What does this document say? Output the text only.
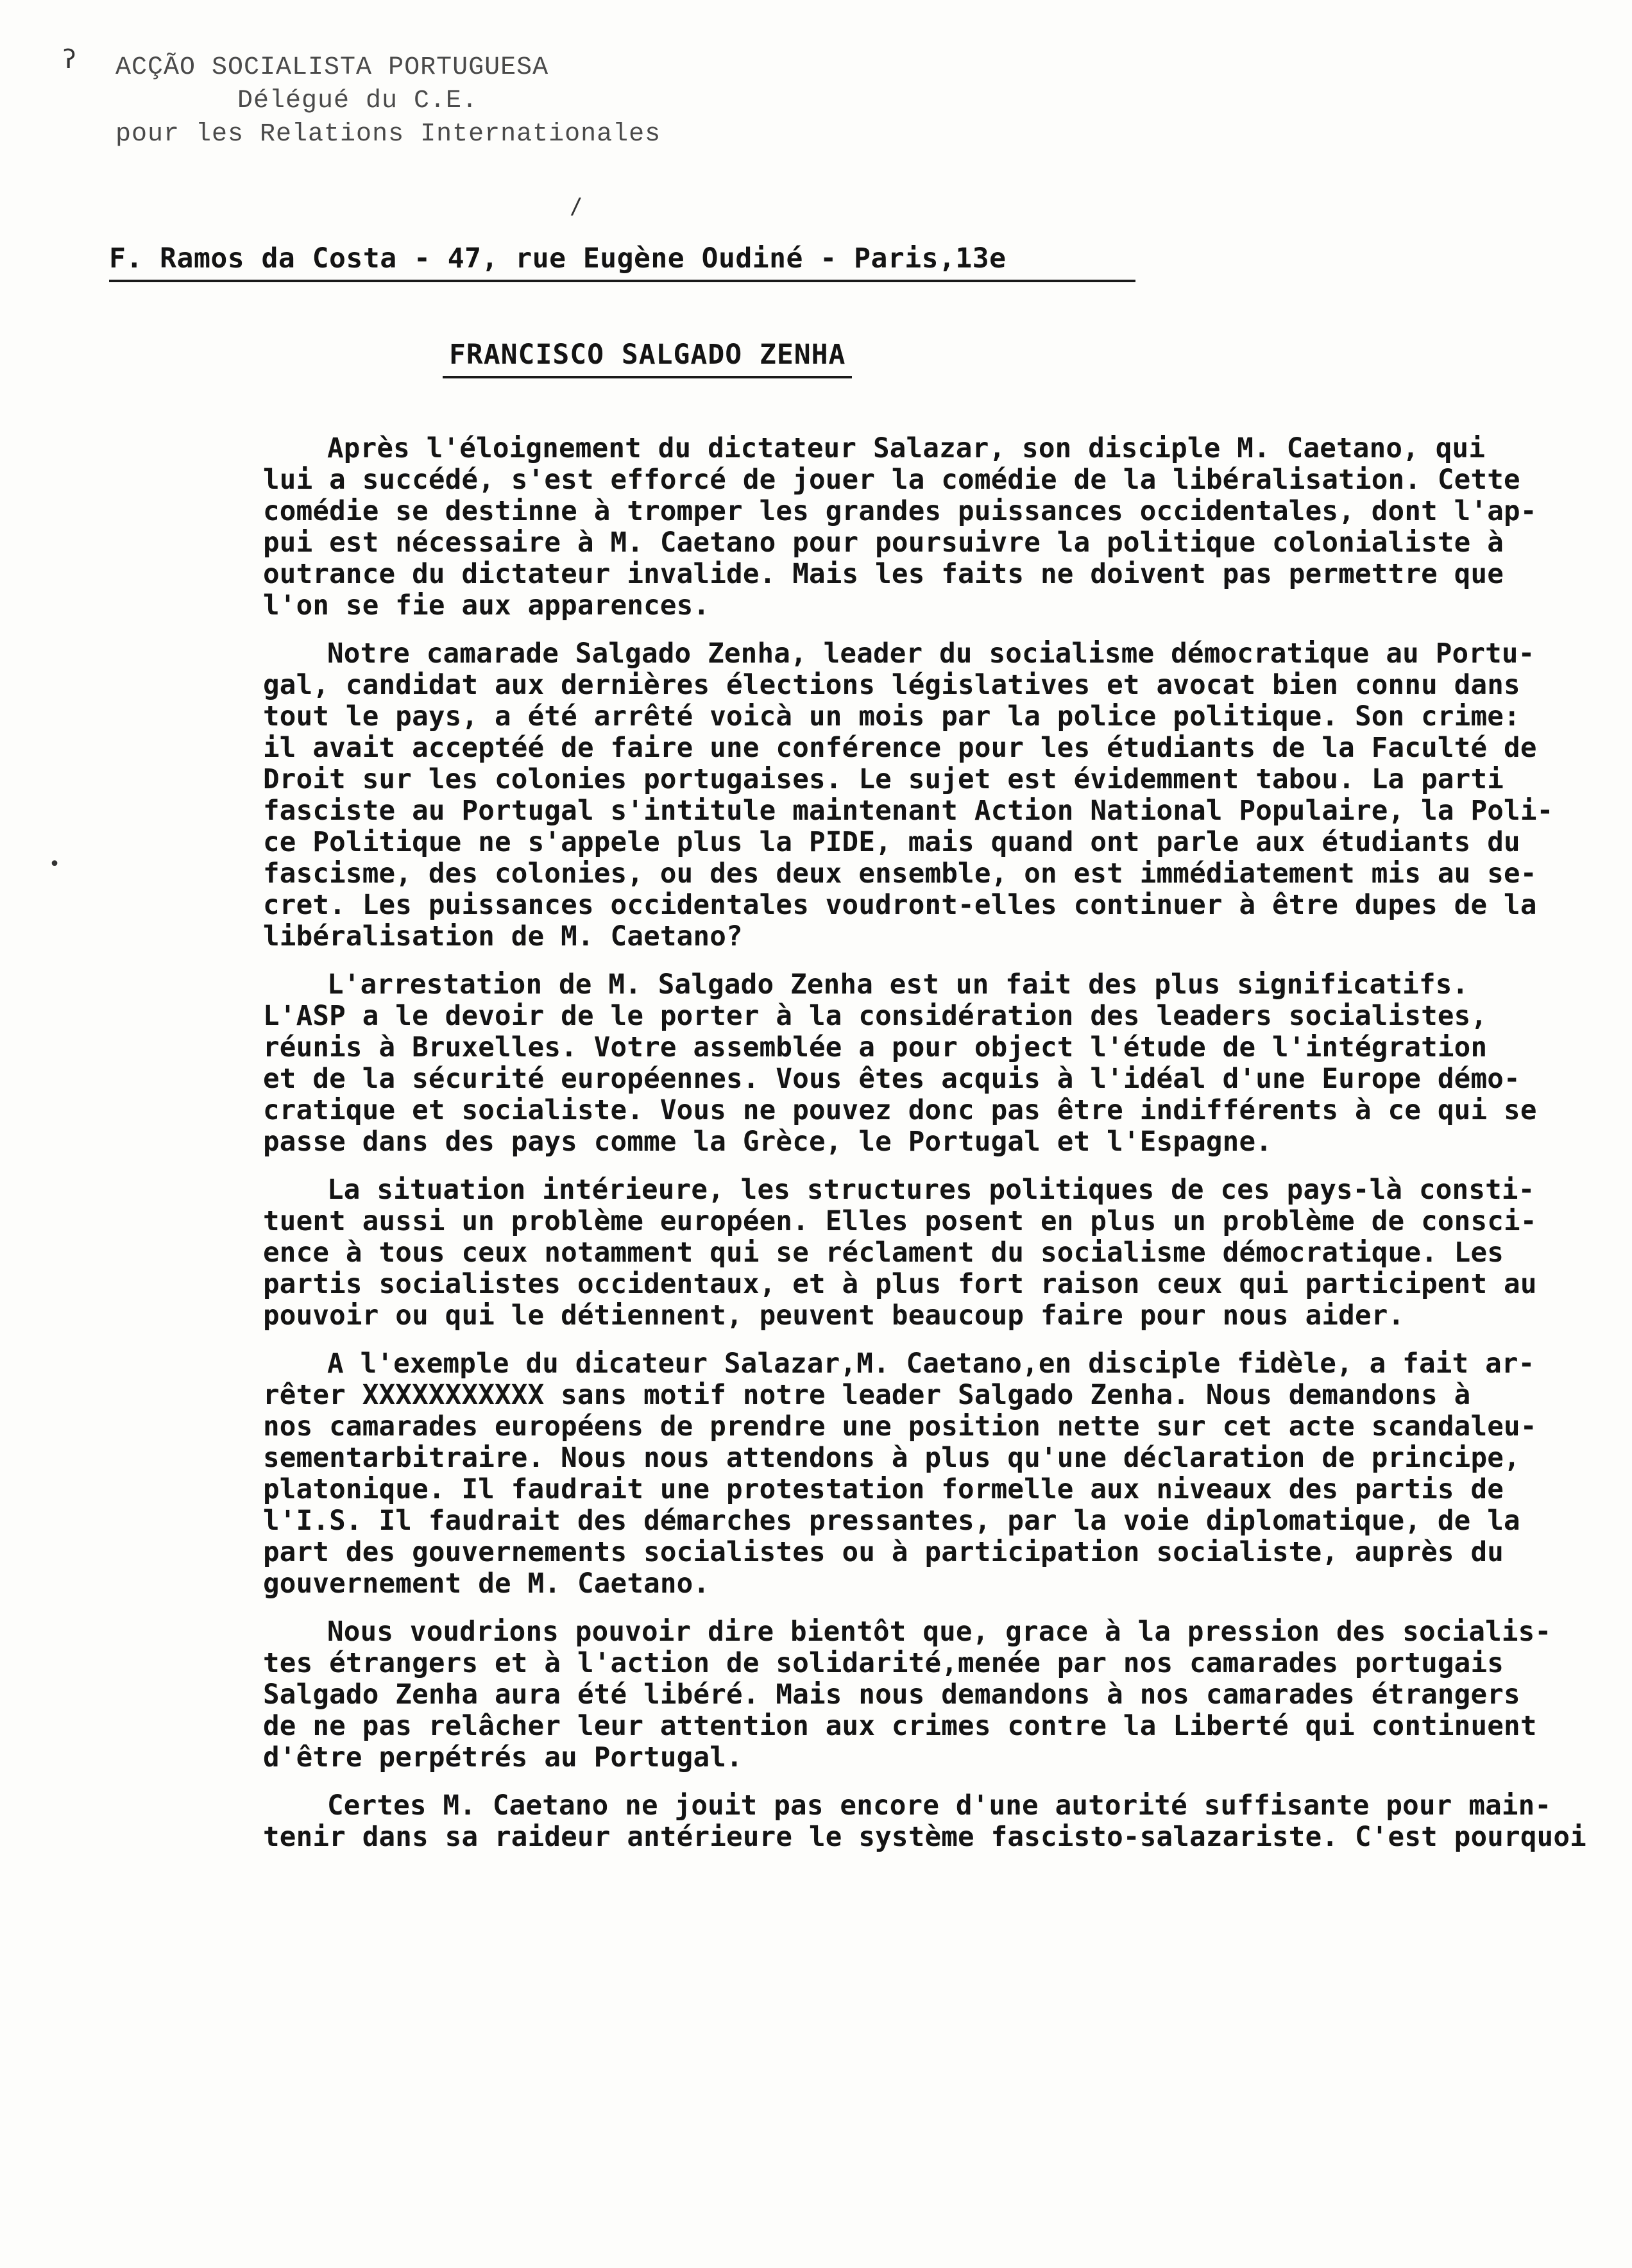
ʔ
•
/
ACÇÃO SOCIALISTA PORTUGUESA
Délégué du C.E.
pour les Relations Internationales
F. Ramos da Costa - 47, rue Eugène Oudiné - Paris,13e
FRANCISCO SALGADO ZENHA
Après l'éloignement du dictateur Salazar, son disciple M. Caetano, qui
lui a succédé, s'est efforcé de jouer la comédie de la libéralisation. Cette
comédie se destinne à tromper les grandes puissances occidentales, dont l'ap-
pui est nécessaire à M. Caetano pour poursuivre la politique colonialiste à
outrance du dictateur invalide. Mais les faits ne doivent pas permettre que
l'on se fie aux apparences.
Notre camarade Salgado Zenha, leader du socialisme démocratique au Portu-
gal, candidat aux dernières élections législatives et avocat bien connu dans
tout le pays, a été arrêté voicà un mois par la police politique. Son crime:
il avait acceptéé de faire une conférence pour les étudiants de la Faculté de
Droit sur les colonies portugaises. Le sujet est évidemment tabou. La parti
fasciste au Portugal s'intitule maintenant Action National Populaire, la Poli-
ce Politique ne s'appele plus la PIDE, mais quand ont parle aux étudiants du
fascisme, des colonies, ou des deux ensemble, on est immédiatement mis au se-
cret. Les puissances occidentales voudront-elles continuer à être dupes de la
libéralisation de M. Caetano?
L'arrestation de M. Salgado Zenha est un fait des plus significatifs.
L'ASP a le devoir de le porter à la considération des leaders socialistes,
réunis à Bruxelles. Votre assemblée a pour object l'étude de l'intégration
et de la sécurité européennes. Vous êtes acquis à l'idéal d'une Europe démo-
cratique et socialiste. Vous ne pouvez donc pas être indifférents à ce qui se
passe dans des pays comme la Grèce, le Portugal et l'Espagne.
La situation intérieure, les structures politiques de ces pays-là consti-
tuent aussi un problème européen. Elles posent en plus un problème de consci-
ence à tous ceux notamment qui se réclament du socialisme démocratique. Les
partis socialistes occidentaux, et à plus fort raison ceux qui participent au
pouvoir ou qui le détiennent, peuvent beaucoup faire pour nous aider.
A l'exemple du dicateur Salazar,M. Caetano,en disciple fidèle, a fait ar-
rêter XXXXXXXXXXX sans motif notre leader Salgado Zenha. Nous demandons à
nos camarades européens de prendre une position nette sur cet acte scandaleu-
sementarbitraire. Nous nous attendons à plus qu'une déclaration de principe,
platonique. Il faudrait une protestation formelle aux niveaux des partis de
l'I.S. Il faudrait des démarches pressantes, par la voie diplomatique, de la
part des gouvernements socialistes ou à participation socialiste, auprès du
gouvernement de M. Caetano.
Nous voudrions pouvoir dire bientôt que, grace à la pression des socialis-
tes étrangers et à l'action de solidarité,menée par nos camarades portugais
Salgado Zenha aura été libéré. Mais nous demandons à nos camarades étrangers
de ne pas relâcher leur attention aux crimes contre la Liberté qui continuent
d'être perpétrés au Portugal.
Certes M. Caetano ne jouit pas encore d'une autorité suffisante pour main-
tenir dans sa raideur antérieure le système fascisto-salazariste. C'est pourquoi
